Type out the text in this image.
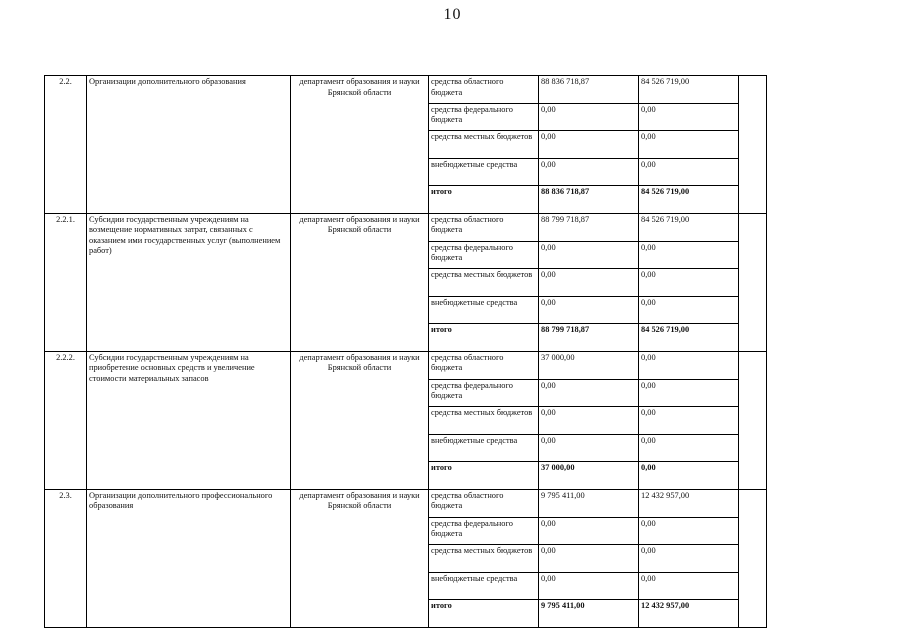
10
2.2.	Организации дополнительного образования	департамент образования и науки Брянской области	средства областного бюджета	88 836 718,87	84 526 719,00	
			средства федерального бюджета	0,00	0,00	
			средства местных бюджетов	0,00	0,00	
			внебюджетные средства	0,00	0,00	
			итого	88 836 718,87	84 526 719,00	
2.2.1.	Субсидии государственным учреждениям на возмещение нормативных затрат, связанных с оказанием ими государственных услуг (выполнением работ)	департамент образования и науки Брянской области	средства областного бюджета	88 799 718,87	84 526 719,00	
			средства федерального бюджета	0,00	0,00	
			средства местных бюджетов	0,00	0,00	
			внебюджетные средства	0,00	0,00	
			итого	88 799 718,87	84 526 719,00	
2.2.2.	Субсидии государственным учреждениям на приобретение основных средств и увеличение стоимости материальных запасов	департамент образования и науки Брянской области	средства областного бюджета	37 000,00	0,00	
			средства федерального бюджета	0,00	0,00	
			средства местных бюджетов	0,00	0,00	
			внебюджетные средства	0,00	0,00	
			итого	37 000,00	0,00	
2.3.	Организации дополнительного профессионального образования	департамент образования и науки Брянской области	средства областного бюджета	9 795 411,00	12 432 957,00	
			средства федерального бюджета	0,00	0,00	
			средства местных бюджетов	0,00	0,00	
			внебюджетные средства	0,00	0,00	
			итого	9 795 411,00	12 432 957,00	
